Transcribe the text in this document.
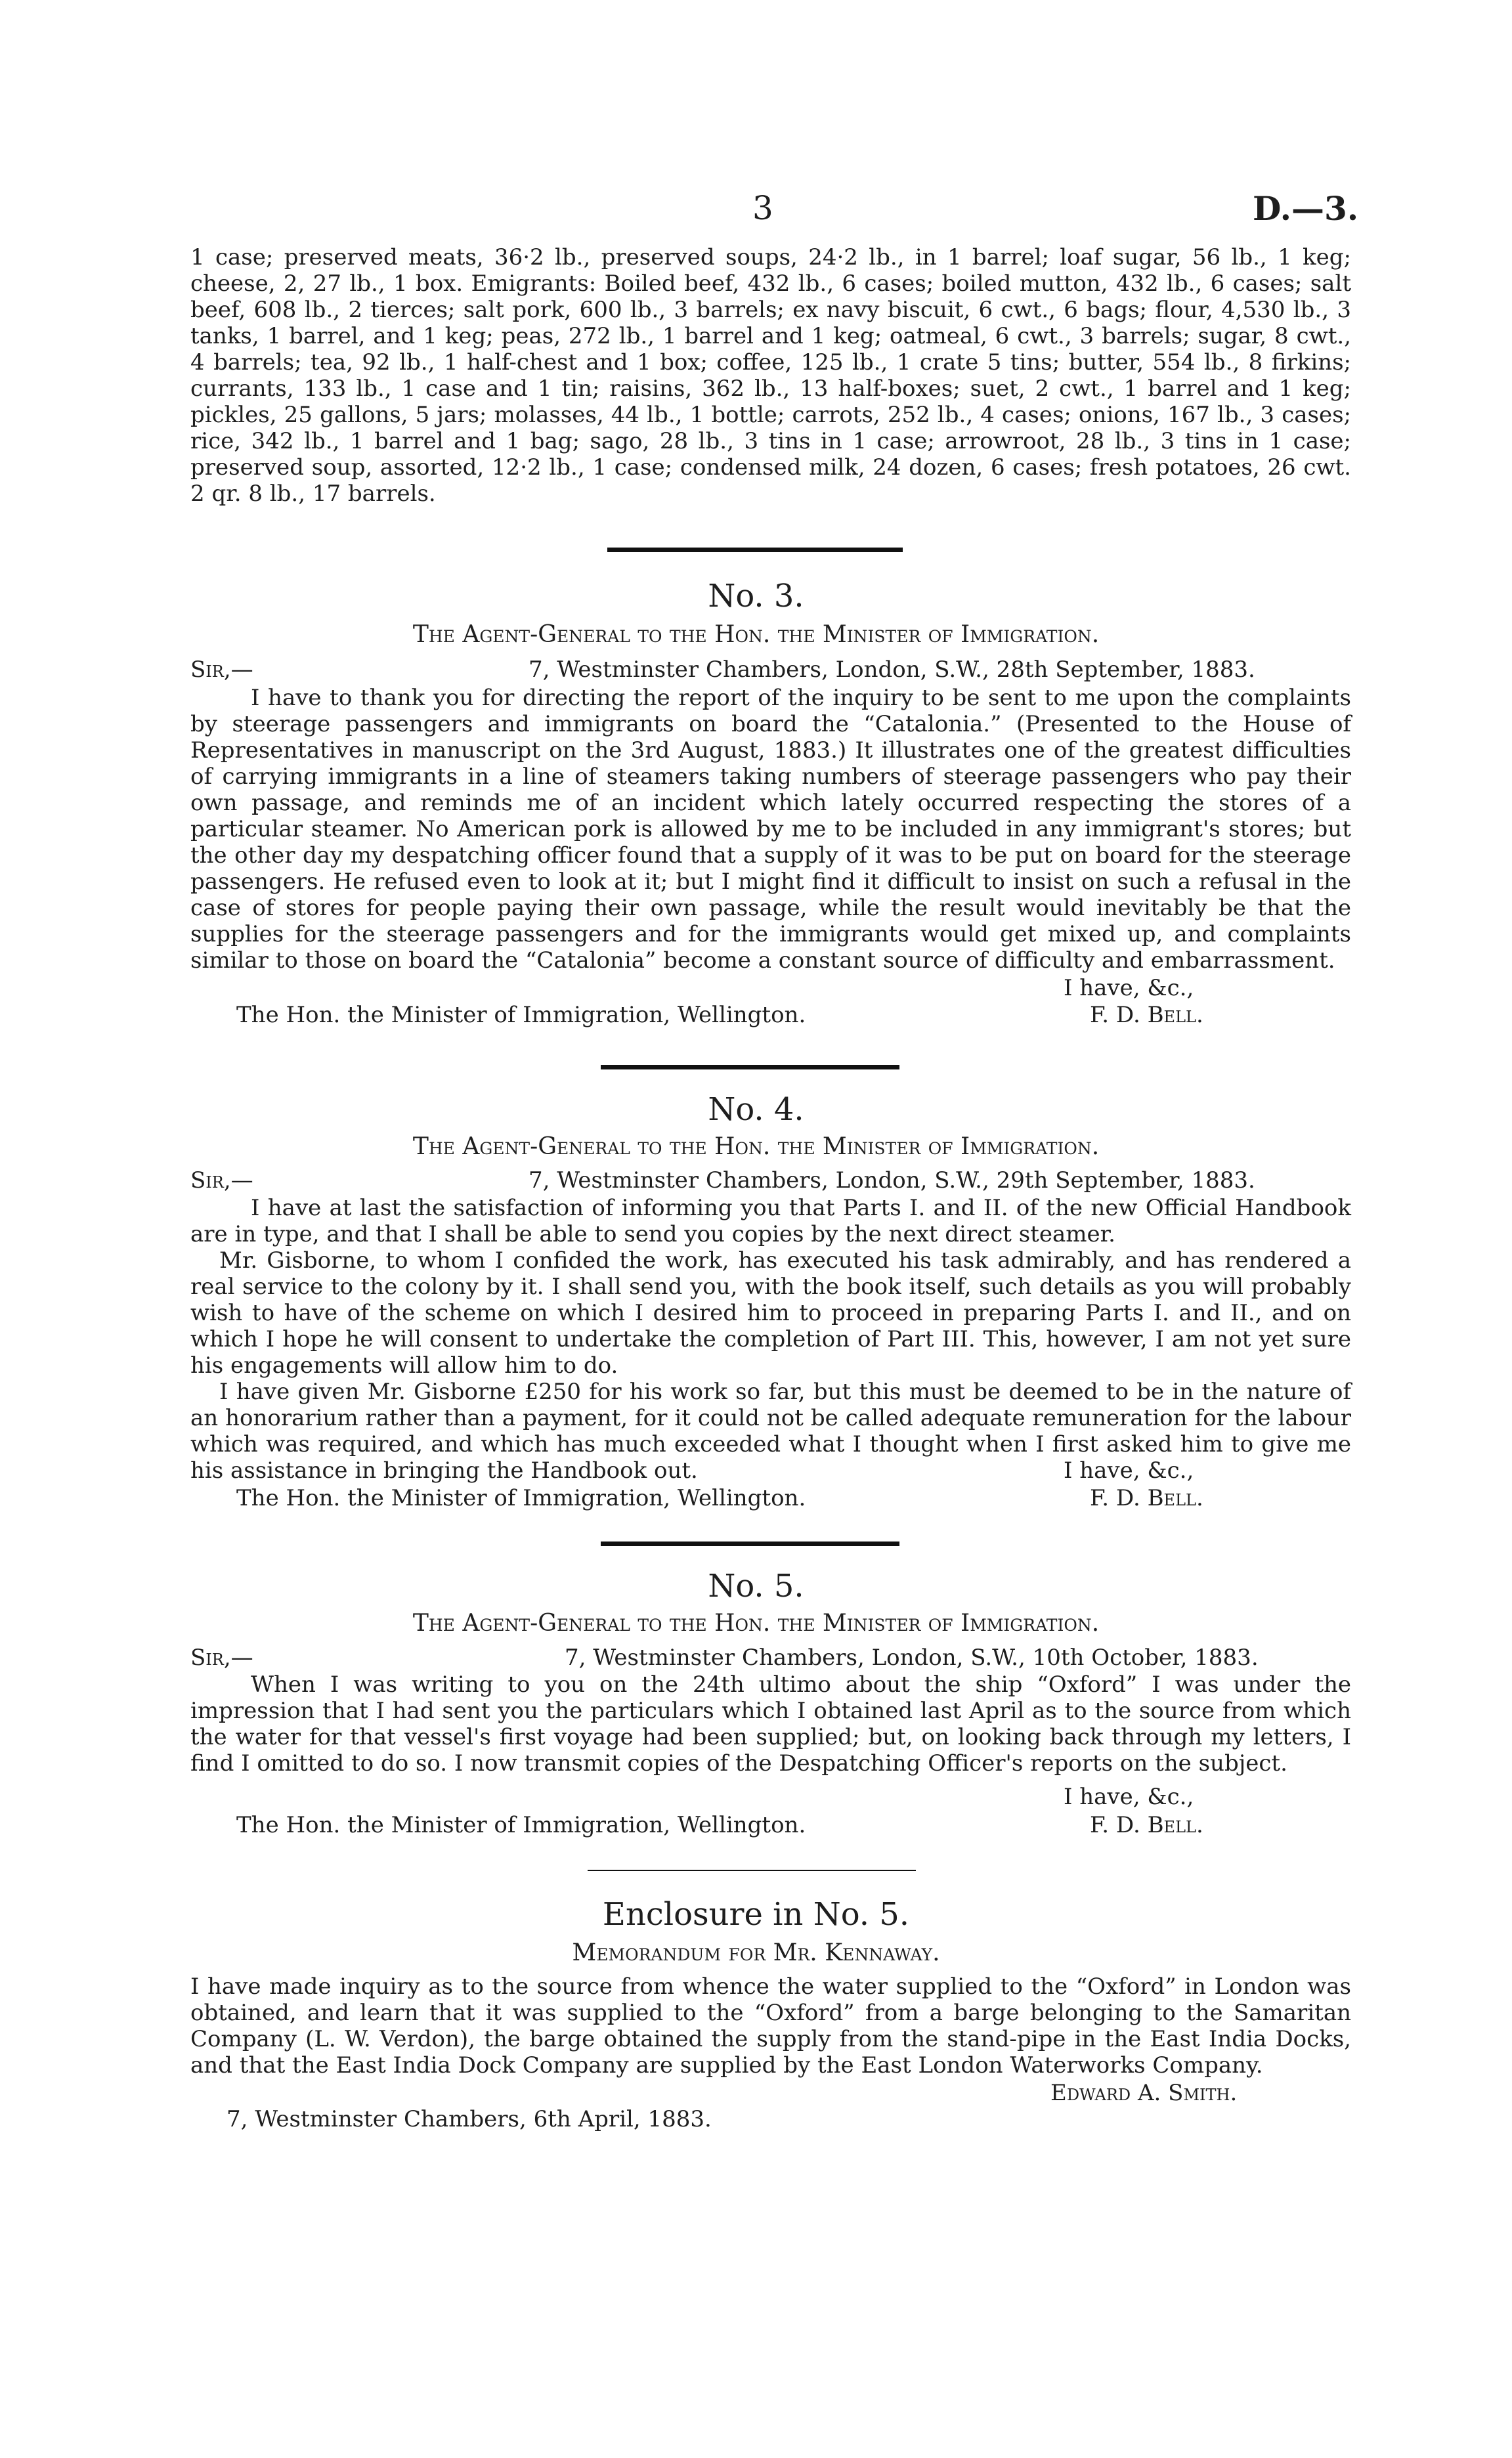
3	D.—3.

1 case; preserved meats, 36·2 lb., preserved soups, 24·2 lb., in 1 barrel; loaf sugar, 56 lb., 1 keg; cheese, 2, 27 lb., 1 box. Emigrants: Boiled beef, 432 lb., 6 cases; boiled mutton, 432 lb., 6 cases; salt beef, 608 lb., 2 tierces; salt pork, 600 lb., 3 barrels; ex navy biscuit, 6 cwt., 6 bags; flour, 4,530 lb., 3 tanks, 1 barrel, and 1 keg; peas, 272 lb., 1 barrel and 1 keg; oatmeal, 6 cwt., 3 barrels; sugar, 8 cwt., 4 barrels; tea, 92 lb., 1 half-chest and 1 box; coffee, 125 lb., 1 crate 5 tins; butter, 554 lb., 8 firkins; currants, 133 lb., 1 case and 1 tin; raisins, 362 lb., 13 half-boxes; suet, 2 cwt., 1 barrel and 1 keg; pickles, 25 gallons, 5 jars; molasses, 44 lb., 1 bottle; carrots, 252 lb., 4 cases; onions, 167 lb., 3 cases; rice, 342 lb., 1 barrel and 1 bag; sago, 28 lb., 3 tins in 1 case; arrowroot, 28 lb., 3 tins in 1 case; preserved soup, assorted, 12·2 lb., 1 case; condensed milk, 24 dozen, 6 cases; fresh potatoes, 26 cwt. 2 qr. 8 lb., 17 barrels.

No. 3.
The Agent-General to the Hon. the Minister of Immigration.
Sir,—	7, Westminster Chambers, London, S.W., 28th September, 1883.

I have to thank you for directing the report of the inquiry to be sent to me upon the complaints by steerage passengers and immigrants on board the “Catalonia.” (Presented to the House of Representatives in manuscript on the 3rd August, 1883.) It illustrates one of the greatest difficulties of carrying immigrants in a line of steamers taking numbers of steerage passengers who pay their own passage, and reminds me of an incident which lately occurred respecting the stores of a particular steamer. No American pork is allowed by me to be included in any immigrant's stores; but the other day my despatching officer found that a supply of it was to be put on board for the steerage passengers. He refused even to look at it; but I might find it difficult to insist on such a refusal in the case of stores for people paying their own passage, while the result would inevitably be that the supplies for the steerage passengers and for the immigrants would get mixed up, and complaints similar to those on board the “Catalonia” become a constant source of difficulty and embarrassment.

I have, &c.,
The Hon. the Minister of Immigration, Wellington.	F. D. Bell.
No. 4.
The Agent-General to the Hon. the Minister of Immigration.
Sir,—	7, Westminster Chambers, London, S.W., 29th September, 1883.

I have at last the satisfaction of informing you that Parts I. and II. of the new Official Handbook are in type, and that I shall be able to send you copies by the next direct steamer.

Mr. Gisborne, to whom I confided the work, has executed his task admirably, and has rendered a real service to the colony by it. I shall send you, with the book itself, such details as you will probably wish to have of the scheme on which I desired him to proceed in preparing Parts I. and II., and on which I hope he will consent to undertake the completion of Part III. This, however, I am not yet sure his engagements will allow him to do.

I have given Mr. Gisborne £250 for his work so far, but this must be deemed to be in the nature of an honorarium rather than a payment, for it could not be called adequate remuneration for the labour which was required, and which has much exceeded what I thought when I first asked him to give me his assistance in bringing the Handbook out.	I have, &c.,
The Hon. the Minister of Immigration, Wellington.	F. D. Bell.
No. 5.
The Agent-General to the Hon. the Minister of Immigration.
Sir,—	7, Westminster Chambers, London, S.W., 10th October, 1883.

When I was writing to you on the 24th ultimo about the ship “Oxford” I was under the impression that I had sent you the particulars which I obtained last April as to the source from which the water for that vessel's first voyage had been supplied; but, on looking back through my letters, I find I omitted to do so. I now transmit copies of the Despatching Officer's reports on the subject.

I have, &c.,
The Hon. the Minister of Immigration, Wellington.	F. D. Bell.
Enclosure in No. 5.
Memorandum for Mr. Kennaway.

I have made inquiry as to the source from whence the water supplied to the “Oxford” in London was obtained, and learn that it was supplied to the “Oxford” from a barge belonging to the Samaritan Company (L. W. Verdon), the barge obtained the supply from the stand-pipe in the East India Docks, and that the East India Dock Company are supplied by the East London Waterworks Company.

Edward A. Smith.
7, Westminster Chambers, 6th April, 1883.
